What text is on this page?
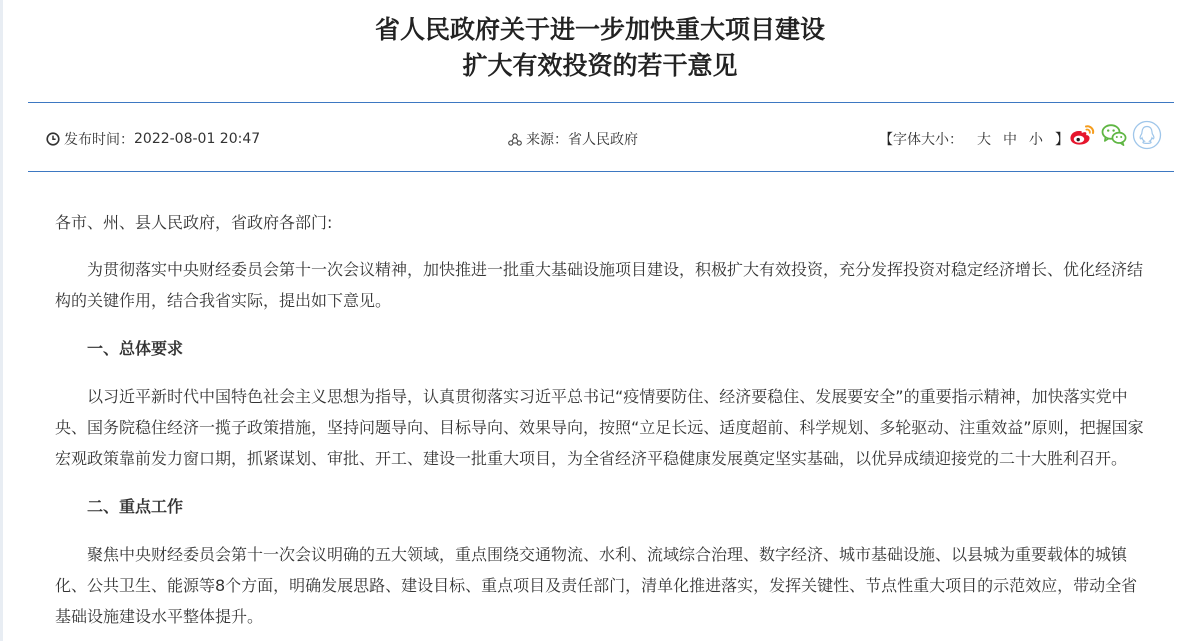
省人民政府关于进一步加快重大项目建设
扩大有效投资的若干意见
发布时间： 2022-08-01 20:47	来源： 省人民政府	【 字体大小： 大 中 小 】

各市、州、县人民政府，省政府各部门:

为贯彻落实中央财经委员会第十一次会议精神，加快推进一批重大基础设施项目建设，积极扩大有效投资，充分发挥投资对稳定经济增长、优化经济结构的关键作用，结合我省实际，提出如下意见。

一、总体要求

以习近平新时代中国特色社会主义思想为指导，认真贯彻落实习近平总书记“疫情要防住、经济要稳住、发展要安全”的重要指示精神，加快落实党中央、国务院稳住经济一揽子政策措施，坚持问题导向、目标导向、效果导向，按照“立足长远、适度超前、科学规划、多轮驱动、注重效益”原则，把握国家宏观政策靠前发力窗口期，抓紧谋划、审批、开工、建设一批重大项目，为全省经济平稳健康发展奠定坚实基础，以优异成绩迎接党的二十大胜利召开。

二、重点工作

聚焦中央财经委员会第十一次会议明确的五大领域，重点围绕交通物流、水利、流域综合治理、数字经济、城市基础设施、以县城为重要载体的城镇化、公共卫生、能源等8个方面，明确发展思路、建设目标、重点项目及责任部门，清单化推进落实，发挥关键性、节点性重大项目的示范效应，带动全省基础设施建设水平整体提升。
